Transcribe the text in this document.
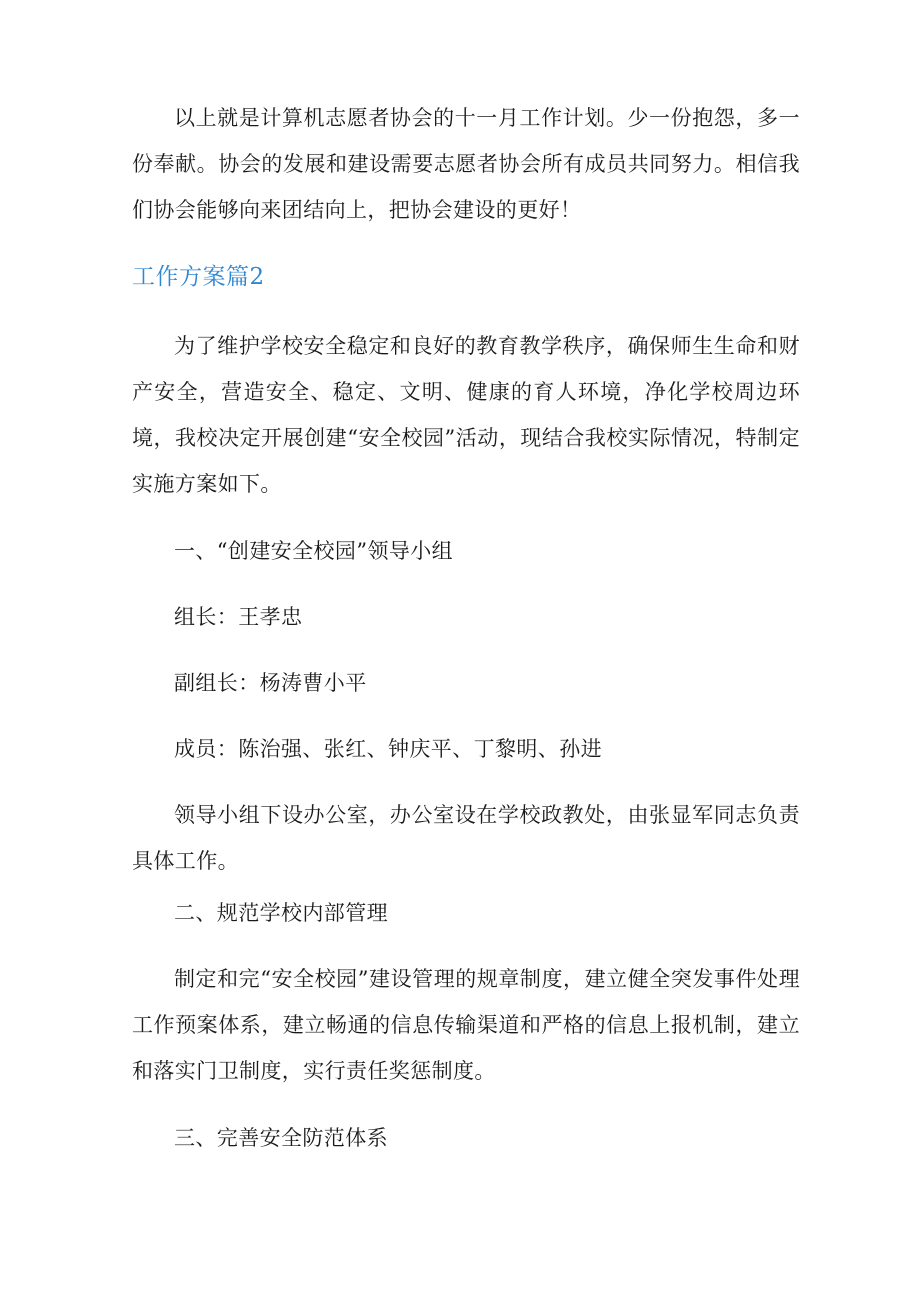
以上就是计算机志愿者协会的十一月工作计划。少一份抱怨，多一份奉献。协会的发展和建设需要志愿者协会所有成员共同努力。相信我们协会能够向来团结向上，把协会建设的更好！

工作方案篇2

为了维护学校安全稳定和良好的教育教学秩序，确保师生生命和财产安全，营造安全、稳定、文明、健康的育人环境，净化学校周边环境，我校决定开展创建“安全校园”活动，现结合我校实际情况，特制定实施方案如下。

一、“创建安全校园”领导小组

组长：王孝忠

副组长：杨涛曹小平

成员：陈治强、张红、钟庆平、丁黎明、孙进

领导小组下设办公室，办公室设在学校政教处，由张显军同志负责具体工作。

二、规范学校内部管理

制定和完“安全校园”建设管理的规章制度，建立健全突发事件处理工作预案体系，建立畅通的信息传输渠道和严格的信息上报机制，建立和落实门卫制度，实行责任奖惩制度。

三、完善安全防范体系
